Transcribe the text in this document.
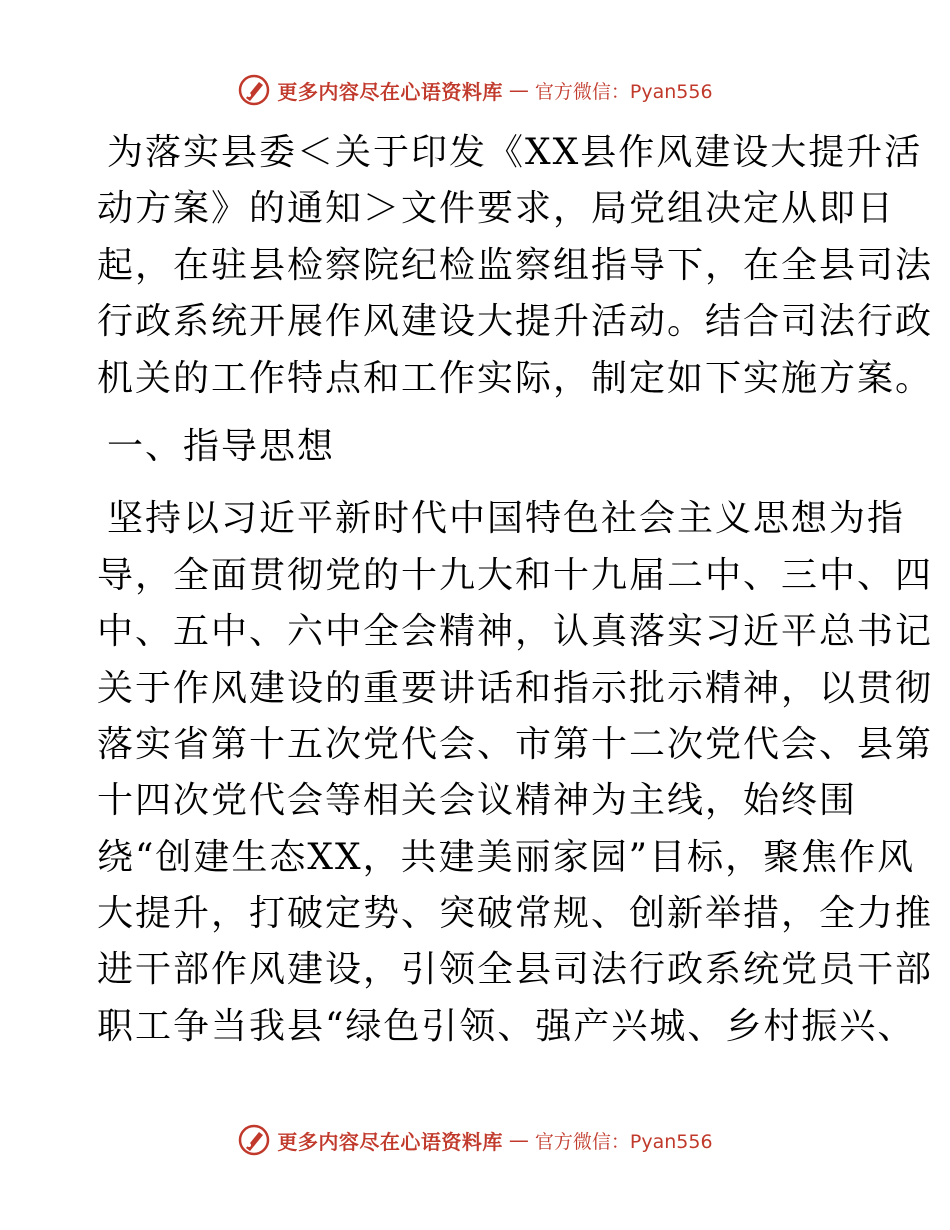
更多内容尽在心语资料库 — 官方微信：Pyan556
为落实县委＜关于印发《XX县作风建设大提升活
动方案》的通知＞文件要求，局党组决定从即日
起，在驻县检察院纪检监察组指导下，在全县司法
行政系统开展作风建设大提升活动。结合司法行政
机关的工作特点和工作实际，制定如下实施方案。
一、指导思想
坚持以习近平新时代中国特色社会主义思想为指
导，全面贯彻党的十九大和十九届二中、三中、四
中、五中、六中全会精神，认真落实习近平总书记
关于作风建设的重要讲话和指示批示精神，以贯彻
落实省第十五次党代会、市第十二次党代会、县第
十四次党代会等相关会议精神为主线，始终围
绕“创建生态XX，共建美丽家园”目标，聚焦作风
大提升，打破定势、突破常规、创新举措，全力推
进干部作风建设，引领全县司法行政系统党员干部
职工争当我县“绿色引领、强产兴城、乡村振兴、
更多内容尽在心语资料库 — 官方微信：Pyan556
